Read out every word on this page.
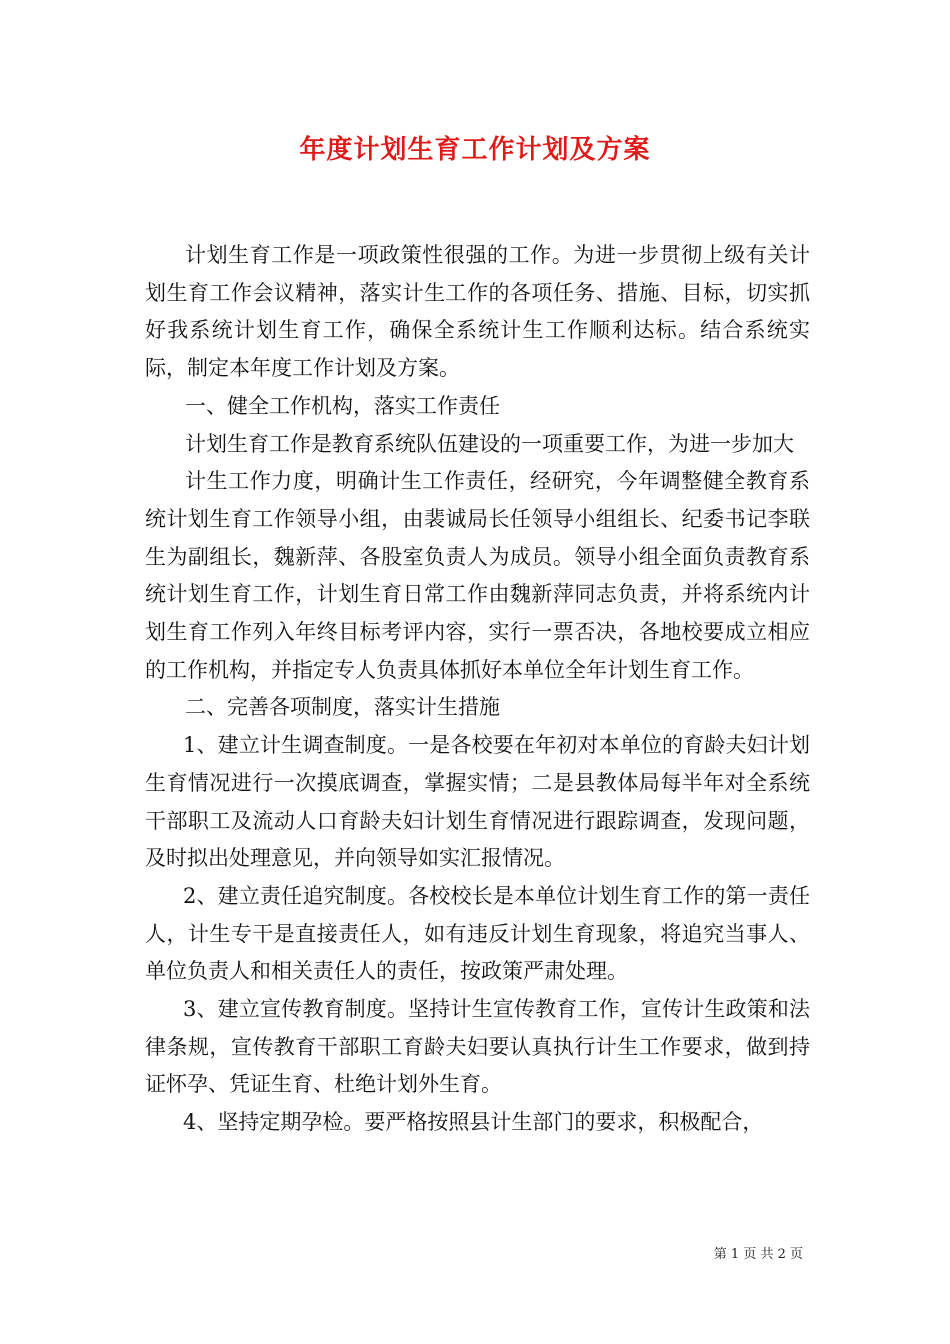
年度计划生育工作计划及方案

计划生育工作是一项政策性很强的工作。为进一步贯彻上级有关计划生育工作会议精神，落实计生工作的各项任务、措施、目标，切实抓好我系统计划生育工作，确保全系统计生工作顺利达标。结合系统实际，制定本年度工作计划及方案。

一、健全工作机构，落实工作责任

计划生育工作是教育系统队伍建设的一项重要工作，为进一步加大

计生工作力度，明确计生工作责任，经研究，今年调整健全教育系统计划生育工作领导小组，由裴诚局长任领导小组组长、纪委书记李联生为副组长，魏新萍、各股室负责人为成员。领导小组全面负责教育系统计划生育工作，计划生育日常工作由魏新萍同志负责，并将系统内计划生育工作列入年终目标考评内容，实行一票否决，各地校要成立相应的工作机构，并指定专人负责具体抓好本单位全年计划生育工作。

二、完善各项制度，落实计生措施

1、建立计生调查制度。一是各校要在年初对本单位的育龄夫妇计划生育情况进行一次摸底调查，掌握实情；二是县教体局每半年对全系统干部职工及流动人口育龄夫妇计划生育情况进行跟踪调查，发现问题，及时拟出处理意见，并向领导如实汇报情况。

2、建立责任追究制度。各校校长是本单位计划生育工作的第一责任人，计生专干是直接责任人，如有违反计划生育现象，将追究当事人、单位负责人和相关责任人的责任，按政策严肃处理。

3、建立宣传教育制度。坚持计生宣传教育工作，宣传计生政策和法律条规，宣传教育干部职工育龄夫妇要认真执行计生工作要求，做到持证怀孕、凭证生育、杜绝计划外生育。

4、坚持定期孕检。要严格按照县计生部门的要求，积极配合，

第 1 页 共 2 页
